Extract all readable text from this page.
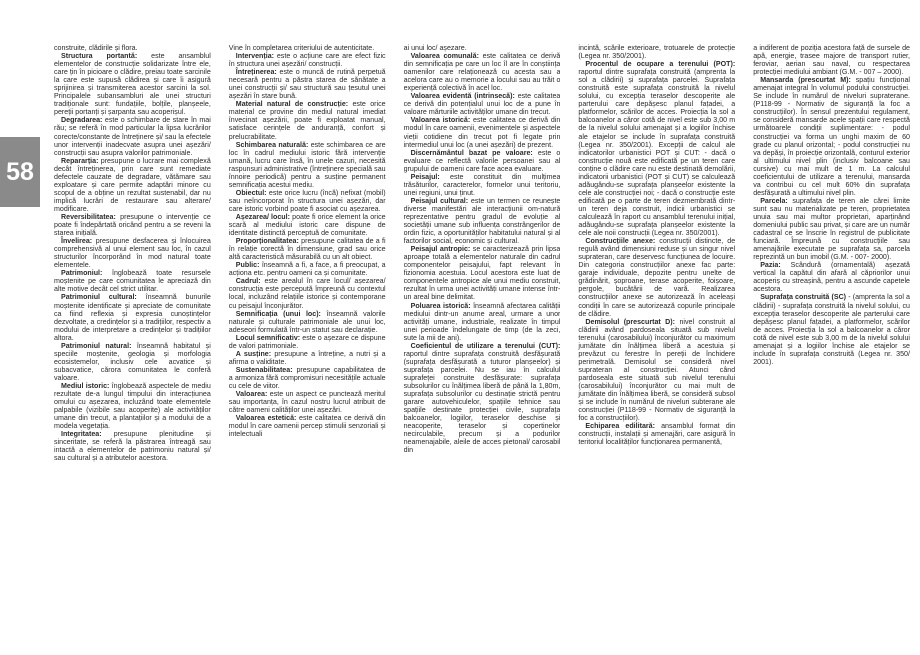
58

construite, clădirile și flora.

Structura portantă: este ansamblul elementelor de construcție solidarizate între ele, care țin în picioare o clădire, preiau toate sarcinile la care este supusă clădirea și care îi asigură sprijinirea și transmiterea acestor sarcini la sol. Principalele subansambluri ale unei structuri tradiționale sunt: fundațiile, bolțile, planșeele, pereții portanți și șarpanta sau acoperișul.

Degradarea: este o schimbare de stare în mai rău; se referă în mod particular la lipsa lucrărilor corecte/constante de întreținere și/ sau la efectele unor intervenții inadecvate asupra unei așezări/ construcții sau asupra valorilor patrimoniale.

Repararția: presupune o lucrare mai complexă decât întreținerea, prin care sunt remediate defectele cauzate de degradare, vătămare sau exploatare și care permite adaptări minore cu scopul de a obține un rezultat sustenabil, dar nu implică lucrări de restaurare sau alterare/ modificare.

Reversibilitatea: presupune o intervenție ce poate fi îndepărtată oricând pentru a se reveni la starea inițială.

Învelirea: presupune desfacerea și înlocuirea comprehensivă al unui element sau loc, în cazul structurilor încorporând în mod natural toate elementele.

Patrimoniul: înglobează toate resursele moștenite pe care comunitatea le apreciază din alte motive decât cel strict utilitar.

Patrimoniul cultural: înseamnă bunurile moștenite identificate și apreciate de comunitate ca fiind reflexia și expresia cunoștințelor dezvoltate, a credințelor și a tradițiilor, respectiv a modului de interpretare a credințelor și tradițiilor altora.

Patrimoniul natural: înseamnă habitatul și speciile moștenite, geologia și morfologia ecosistemelor, inclusiv cele acvatice și subacvatice, cărora comunitatea le conferă valoare.

Mediul istoric: înglobează aspectele de mediu rezultate de-a lungul timpului din interacțiunea omului cu așezarea, incluzând toate elementele palpabile (vizibile sau acoperite) ale activităților umane din trecut, a plantațiilor și a modului de a modela vegetația.

Integritatea: presupune plenitudine și sinceritate, se referă la păstrarea întreagă sau intactă a elementelor de patrimoniu natural și/ sau cultural și a atributelor acestora.

Vine în completarea criteriului de autenticitate.

Intervenția: este o acțiune care are efect fizic în structura unei așezări/ construcții.

Întreținerea: este o muncă de rutină perpetuă necesară pentru a păstra starea de sănătate a unei construcții și/ sau structură sau țesutul unei așezări în stare bună.

Material natural de construcție: este orice material ce provine din mediul natural imediat învecinat așezării, poate fi exploatat manual, satisface cerințele de anduranță, confort și prelucrabilitate.

Schimbarea naturală: este schimbarea ce are loc în cadrul mediului istoric fără intervenție umană, lucru care însă, în unele cazuri, necesită raspunsuri administrative (întreținere specială sau înnoire periodică) pentru a susține permanent semnificația acestui mediu.

Obiectul: este orice lucru (încă) nefixat (mobil) sau neîncorporat în structura unei așezări, dar care istoric vorbind poate fi asociat cu așezarea.

Așezarea/ locul: poate fi orice element la orice scară al mediului istoric care dispune de identitate distinctă perceptuă de comunitate.

Proporționalitatea: presupune calitatea de a fi în relație corectă în dimensiune, grad sau orice altă caracteristică măsurabilă cu un alt obiect.

Public: înseamnă a fi, a face, a fi preocupat, a acționa etc. pentru oameni ca și comunitate.

Cadrul: este arealul în care locul/ așezarea/ construcția este percepută împreună cu contextul local, incluzând relațiile istorice și contemporane cu peisajul înconjurător.

Semnificația (unui loc): înseamnă valorile naturale și culturale patrimoniale ale unui loc, adeseori formulată într-un statut sau declarație.

Locul semnificativ: este o așezare ce dispune de valori patrimoniale.

A susține: presupune a întreține, a nutri și a afirma o validitate.

Sustenabilitatea: presupune capabilitatea de a armoniza fără compromisuri necesitățile actuale cu cele de viitor.

Valoarea: este un aspect ce punctează meritul sau importanța, în cazul nostru lucrul atribuit de către oameni calităților unei așezări.

Valoarea estetică: este calitatea ce derivă din modul în care oamenii percep stimulii senzoriali și intelectuali

ai unui loc/ așezare.

Valoarea comunală: este calitatea ce derivă din semnificația pe care un loc îl are în conștiința oamenilor care relaționează cu acesta sau a acelora care au o memorie a locului sau au trăit o experiență colectivă în acel loc.

Valoarea evidentă (intrinsecă): este calitatea ce derivă din potențialul unui loc de a pune în valoare mărturiile activităților umane din trecut.

Valoarea istorică: este calitatea ce derivă din modul în care oamenii, evenimentele și aspectele vieții cotidiene din trecut pot fi legate prin intermediul unui loc (a unei așezări) de prezent.

Discernământul bazat pe valoare: este o evaluare ce reflectă valorile persoanei sau al grupului de oameni care face acea evaluare.

Peisajul: este constituit din mulțimea trăsăturilor, caracterelor, formelor unui teritoriu, unei regiuni, unui ținut.

Peisajul cultural: este un termen ce reunește diverse manifestări ale interacțiunii om-natură reprezentative pentru gradul de evoluție al societății umane sub influența constrângerilor de ordin fizic, a oportunităților habitatului natural și al factorilor social, economic și cultural.

Peisajul antropic: se caracterizează prin lipsa aproape totală a elementelor naturale din cadrul componentelor peisajului, fapt relevant în fizionomia acestuia. Locul acestora este luat de componentele antropice ale unui mediu construit, rezultat în urma unei activități umane intense într-un areal bine delimitat.

Poluarea istorică: înseamnă afectarea calității mediului dintr-un anume areal, urmare a unor activități umane, industriale, realizate în timpul unei perioade îndelungate de timp (de la zeci, sute la mii de ani).

Coeficientul de utilizare a terenului (CUT): raportul dintre suprafața construită desfășurată (suprafața desfășurată a tuturor planșeelor) și suprafața parcelei. Nu se iau în calculul suprafeței construite desfășurate: suprafața subsolurilor cu înălțimea liberă de până la 1,80m, suprafața subsolurilor cu destinație strictă pentru garare autovehiculelor, spațiile tehnice sau spațiile destinate protecției civile, suprafața balcoanelor, logiilor, teraselor deschise și neacoperite, teraselor și copertinelor necirculabile, precum și a podurilor neamenajabile, aleile de acces pietonal/ carosabil din

incintă, scările exterioare, trotuarele de protecție (Legea nr. 350/2001).

Procentul de ocupare a terenului (POT): raportul dintre suprafața construită (amprenta la sol a clădirii) și suprafața parcelei. Suprafața construită este suprafața construită la nivelul solului, cu excepția teraselor descoperite ale parterului care depășesc planul fațadei, a platformelor, scărilor de acces. Proiecția la sol a balcoanelor a căror cotă de nivel este sub 3,00 m de la nivelul solului amenajat și a logiilor închise ale etajelor se include în suprafața construită (Legea nr. 350/2001). Excepții de calcul ale indicatorilor urbanistici POT și CUT: - dacă o construcție nouă este edificată pe un teren care conține o clădire care nu este destinată demolării, indicatorii urbanistici (POT și CUT) se calculează adăugându-se suprafața planșeelor existente la cele ale construcției noi; - dacă o construcție este edificată pe o parte de teren dezmembrată dintr-un teren deja construit, indicii urbanistici se calculează în raport cu ansamblul terenului inițial, adăugându-se suprafața planșeelor existente la cele ale noii construcții (Legea nr. 350/2001).

Construcțiile anexe: construcții distincte, de regulă având dimensiuni reduse și un singur nivel suprateran, care deservesc funcțiunea de locuire. Din categoria construcțiilor anexe fac parte: garaje individuale, depozite pentru unelte de grădinărit, șoproane, terase acoperite, foișoare, pergole, bucătării de vară. Realizarea construcțiilor anexe se autorizează în aceleași condiții în care se autorizează copurile principale de clădire.

Demisolul (prescurtat D): nivel construit al clădirii având pardoseala situată sub nivelul terenului (carosabilului) înconjurător cu maximum jumătate din înălțimea liberă a acestuia și prevăzut cu ferestre în pereții de închidere perimetrală. Demisolul se consideră nivel suprateran al construcției. Atunci când pardoseala este situată sub nivelul terenului (carosabilului) înconjurător cu mai mult de jumătate din înălțimea liberă, se consideră subsol și se include în numărul de niveluri subterane ale construcției (P118-99 - Normativ de siguranță la foc a construcțiilor).

Echiparea edilitară: ansamblul format din construcții, instalații și amenajări, care asigură în teritoriul localităților funcționarea permanentă,

a indiferent de poziția acestora față de sursele de apă, energie, trasee majore de transport rutier, feroviar, aerian sau naval, cu respectarea protecției mediului ambiant (G.M. - 007 – 2000).

Mansarda (prescurtat M): spațiu funcțional amenajat integral în volumul podului construcției. Se include în numărul de niveluri supraterane. (P118-99 - Normativ de siguranță la foc a construcțiilor). În sensul prezentului regulament, se consideră mansarde acele spații care respectă următoarele condiții suplimentare: - podul construcției va forma un unghi maxim de 60 grade cu planul orizontal; - podul construcției nu va depăși, în proiecție orizontală, conturul exterior al ultimului nivel plin (inclusiv balcoane sau cursive) cu mai mult de 1 m. La calculul coeficientului de utilizare a terenului, mansarda va contribui cu cel mult 60% din suprafața desfășurată a ultimului nivel plin.

Parcela: suprafața de teren ale cărei limite sunt sau nu materializate pe teren, proprietatea unuia sau mai multor proprietari, aparținând domeniului public sau privat, și care are un număr cadastral ce se înscrie în registrul de publicitate funciară. Împreună cu construcțiile sau amenajările executate pe suprafața sa, parcela reprezintă un bun imobil (G.M. - 007- 2000).

Pazia: Scândură (ornamentală) așezată vertical la capătul din afară al căpriorilor unui acoperiș cu streașină, pentru a ascunde capetele acestora.

Suprafața construită (SC) - (amprenta la sol a clădirii) - suprafața construită la nivelul solului, cu excepția teraselor descoperite ale parterului care depășesc planul fațadei, a platformelor, scărilor de acces. Proiecția la sol a balcoanelor a căror cotă de nivel este sub 3,00 m de la nivelul solului amenajat și a logiilor închise ale etajelor se include în suprafața construită (Legea nr. 350/ 2001).
